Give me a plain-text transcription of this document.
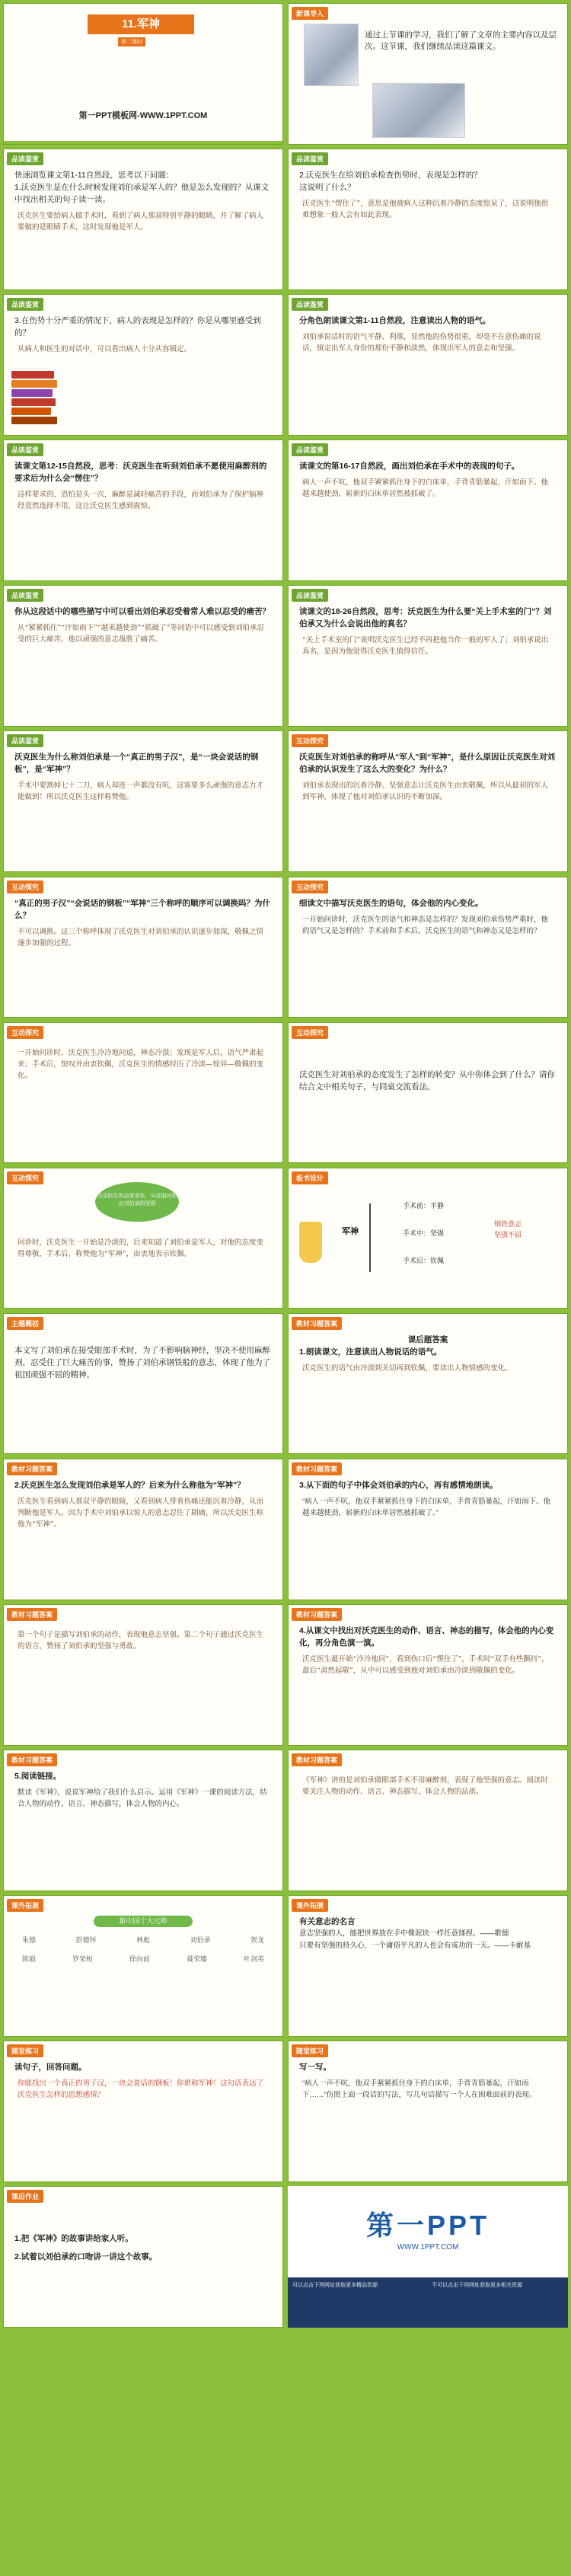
11.军神
第二课时
第一PPT模板网-WWW.1PPT.COM
新课导入
通过上节课的学习，我们了解了文章的主要内容以及层次。这节课，我们继续品读这篇课文。
品读鉴赏
快速浏览课文第1-11自然段，思考以下问题：
1.沃克医生是在什么时候发现刘伯承是军人的？他是怎么发现的？从课文中找出相关的句子读一读。
沃克医生要给病人做手术时，看到了病人那双特别平静的眼睛，并了解了病人要做的是眼睛手术，这时发现他是军人。
品读鉴赏
2.沃克医生在给刘伯承检查伤势时，表现是怎样的？
这说明了什么？
沃克医生“愣住了”，意思是他被病人这种沉着冷静的态度惊呆了，这说明他很难想象一般人会有如此表现。
品读鉴赏
3.在伤势十分严重的情况下，病人的表现是怎样的？你是从哪里感受到的？
从病人和医生的对话中，可以看出病人十分从容镇定。
品读鉴赏
分角色朗读课文第1-11自然段，注意读出人物的语气。
刘伯承说话时的语气平静、利落，显然他的伤势很重，却毫不在意伤痛的说话，镇定出军人身份的那份平静和淡然，体现出军人的意志和坚强。
品读鉴赏
读课文第12-15自然段，思考：沃克医生在听到刘伯承不愿使用麻醉剂的要求后为什么会“愣住”？
这样要求的，恐怕是头一次，麻醉是减轻痛苦的手段，而刘伯承为了保护脑神经竟然选择不用，这让沃克医生感到震惊。
品读鉴赏
读课文的第16-17自然段，画出刘伯承在手术中的表现的句子。
病人一声不吭，他双手紧紧抓住身下的白床单，手背青筋暴起，汗如雨下。他越来越使劲，崭新的白床单居然被抓破了。
品读鉴赏
你从这段话中的哪些描写中可以看出刘伯承忍受着常人难以忍受的痛苦？
从“紧紧抓住”“汗如雨下”“越来越使劲”“抓破了”等词语中可以感受到刘伯承忍受的巨大痛苦，他以顽强的意志战胜了痛苦。
品读鉴赏
读课文的18-26自然段，思考：沃克医生为什么要“关上手术室的门”？刘伯承又为什么会说出他的真名？
“关上手术室的门”说明沃克医生已经不再把他当作一般的军人了；刘伯承说出真名，是因为他觉得沃克医生值得信任。
品读鉴赏
沃克医生为什么称刘伯承是一个“真正的男子汉”，是“一块会说话的钢板”，是“军神”？
手术中要割掉七十二刀，病人却连一声都没有吭，这需要多么顽强的意志力才能做到！所以沃克医生这样称赞他。
互动探究
沃克医生对刘伯承的称呼从“军人”到“军神”，是什么原因让沃克医生对刘伯承的认识发生了这么大的变化？为什么？
刘伯承表现出的沉着冷静、坚强意志让沃克医生由衷敬佩，所以从最初的军人到军神，体现了他对刘伯承认识的不断加深。
互动探究
“真正的男子汉”“会说话的钢板”“军神”三个称呼的顺序可以调换吗？为什么？
不可以调换。这三个称呼体现了沃克医生对刘伯承的认识逐步加深，敬佩之情逐步加强的过程。
互动探究
细读文中描写沃克医生的语句，体会他的内心变化。
一开始问诊时，沃克医生的语气和神态是怎样的？发现刘伯承伤势严重时，他的语气又是怎样的？手术前和手术后，沃克医生的语气和神态又是怎样的？
互动探究
一开始问诊时，沃克医生冷冷地问道，神态冷漠；发现是军人后，语气严肃起来；手术后，惊叹并由衷钦佩，沃克医生的情感经历了冷淡—惊异—敬佩的变化。
互动探究
沃克医生对刘伯承的态度发生了怎样的转变？从中你体会到了什么？请你结合文中相关句子，与同桌交流看法。
互动探究
沃克医生的态度变化，从反面衬托出刘伯承的坚强
问诊时，沃克医生一开始是冷淡的，后来知道了刘伯承是军人，对他的态度变得尊敬，手术后，称赞他为“军神”，由衷地表示钦佩。
板书设计
军神
手术前：平静
手术中：坚强
手术后：钦佩
钢铁意志
坚强不屈
主题概括
本文写了刘伯承在接受眼部手术时，为了不影响脑神经，坚决不使用麻醉剂，忍受住了巨大痛苦的事，赞扬了刘伯承钢铁般的意志，体现了他为了祖国顽强不屈的精神。
教材习题答案
课后题答案
1.朗读课文，注意读出人物说话的语气。
沃克医生的语气由冷淡到关切再到钦佩，要读出人物情感的变化。
教材习题答案
2.沃克医生怎么发现刘伯承是军人的？后来为什么称他为“军神”？
沃克医生看到病人那双平静的眼睛，又看到病人带着伤痛还能沉着冷静，从而判断他是军人。因为手术中刘伯承以惊人的意志忍住了剧痛，所以沃克医生称他为“军神”。
教材习题答案
3.从下面的句子中体会刘伯承的内心，再有感情地朗读。
“病人一声不吭，他双手紧紧抓住身下的白床单，手背青筋暴起，汗如雨下。他越来越使劲，崭新的白床单居然被抓破了。”
教材习题答案
第一个句子是描写刘伯承的动作，表现他意志坚强。第二个句子通过沃克医生的语言，赞扬了刘伯承的坚强与勇敢。
教材习题答案
4.从课文中找出对沃克医生的动作、语言、神态的描写，体会他的内心变化，再分角色演一演。
沃克医生最开始“冷冷地问”，看到伤口后“愣住了”，手术时“双手有些颤抖”，最后“肃然起敬”，从中可以感受到他对刘伯承由冷淡到敬佩的变化。
教材习题答案
5.阅读链接。
默读《军神》，说说军神给了我们什么启示。运用《军神》一课的阅读方法，结合人物的动作、语言、神态描写，体会人物的内心。
教材习题答案
《军神》讲的是刘伯承做眼部手术不用麻醉剂，表现了他坚强的意志。阅读时要关注人物的动作、语言、神态描写，体会人物的品质。
课外拓展
新中国十大元帅
朱德	彭德怀	林彪	刘伯承	贺龙
陈毅	罗荣桓	徐向前	聂荣臻	叶剑英
课外拓展
有关意志的名言
意志坚强的人，能把世界放在手中像泥块一样任意揉捏。——歌德
只要有坚强的持久心，一个庸俗平凡的人也会有成功的一天。——卡耐基
随堂练习
读句子，回答问题。
你能找出一个真正的男子汉，一块会说话的钢板！你堪称军神！这句话表达了沃克医生怎样的思想感情？
随堂练习
写一写。
“病人一声不吭，他双手紧紧抓住身下的白床单，手背青筋暴起，汗如雨下……”仿照上面一段话的写法，写几句话描写一个人在困难面前的表现。
课后作业
1.把《军神》的故事讲给家人听。
2.试着以刘伯承的口吻讲一讲这个故事。
第一PPT
WWW.1PPT.COM
可以点击下列网址获取更多精品资源	不可以点击下列网址获取更多相关资源
